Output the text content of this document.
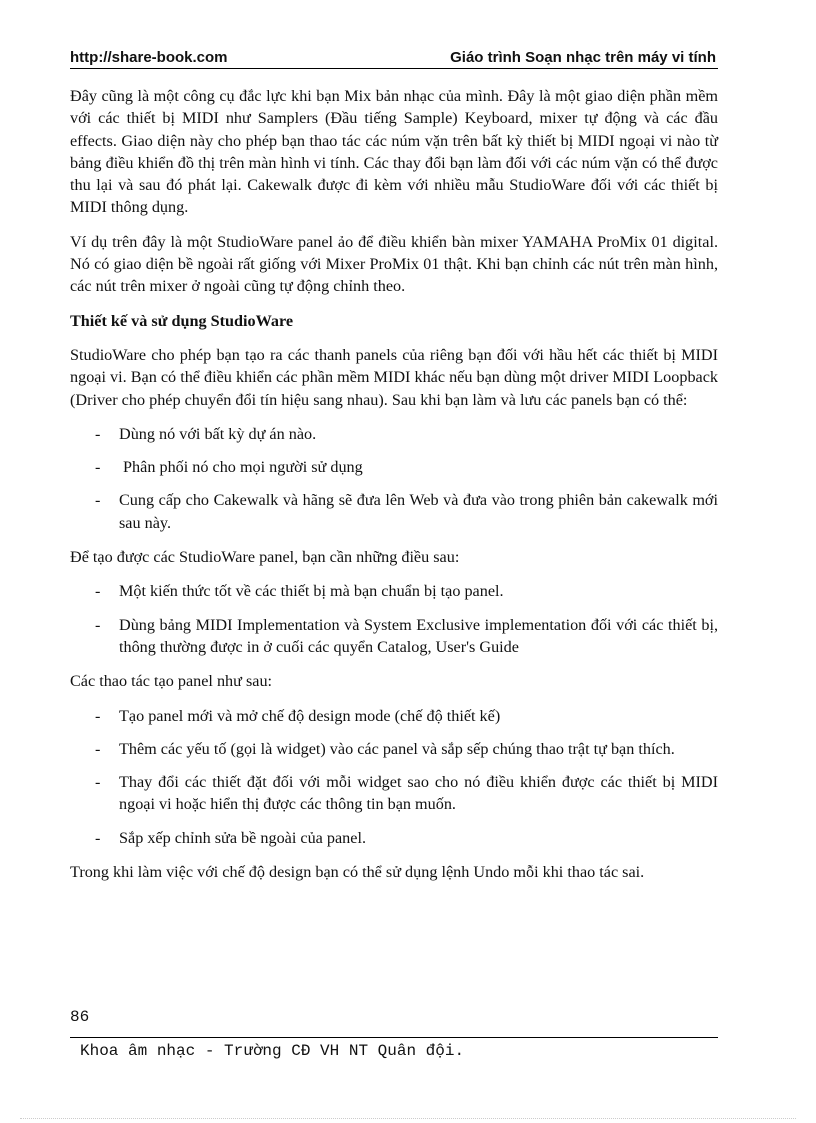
http://share-book.com	Giáo trình Soạn nhạc trên máy vi tính

Đây cũng là một công cụ đắc lực khi bạn Mix bản nhạc của mình. Đây là một giao diện phần mềm với các thiết bị MIDI như Samplers (Đầu tiếng Sample) Keyboard, mixer tự động và các đầu effects. Giao diện này cho phép bạn thao tác các núm vặn trên bất kỳ thiết bị MIDI ngoại vi nào từ bảng điều khiển đồ thị trên màn hình vi tính. Các thay đổi bạn làm đối với các núm vặn có thể được thu lại và sau đó phát lại. Cakewalk được đi kèm với nhiều mẫu StudioWare đối với các thiết bị MIDI thông dụng.

Ví dụ trên đây là một StudioWare panel ảo để điều khiển bàn mixer YAMAHA ProMix 01 digital. Nó có giao diện bề ngoài rất giống với Mixer ProMix 01 thật. Khi bạn chỉnh các nút trên màn hình, các nút trên mixer ở ngoài cũng tự động chỉnh theo.

Thiết kế và sử dụng StudioWare

StudioWare cho phép bạn tạo ra các thanh panels của riêng bạn đối với hầu hết các thiết bị MIDI ngoại vi. Bạn có thể điều khiển các phần mềm MIDI khác nếu bạn dùng một driver MIDI Loopback (Driver cho phép chuyển đổi tín hiệu sang nhau). Sau khi bạn làm và lưu các panels bạn có thể:

- Dùng nó với bất kỳ dự án nào.
- Phân phối nó cho mọi người sử dụng
- Cung cấp cho Cakewalk và hãng sẽ đưa lên Web và đưa vào trong phiên bản cakewalk mới sau này.

Để tạo được các StudioWare panel, bạn cần những điều sau:

- Một kiến thức tốt về các thiết bị mà bạn chuẩn bị tạo panel.
- Dùng bảng MIDI Implementation và System Exclusive implementation đối với các thiết bị, thông thường được in ở cuối các quyển Catalog, User's Guide

Các thao tác tạo panel như sau:

- Tạo panel mới và mở chế độ design mode (chế độ thiết kế)
- Thêm các yếu tố (gọi là widget) vào các panel và sắp sếp chúng thao trật tự bạn thích.
- Thay đổi các thiết đặt đối với mỗi widget sao cho nó điều khiển được các thiết bị MIDI ngoại vi hoặc hiển thị được các thông tin bạn muốn.
- Sắp xếp chỉnh sửa bề ngoài của panel.

Trong khi làm việc với chế độ design bạn có thể sử dụng lệnh Undo mỗi khi thao tác sai.

86
Khoa âm nhạc - Trường CĐ VH NT Quân đội.
